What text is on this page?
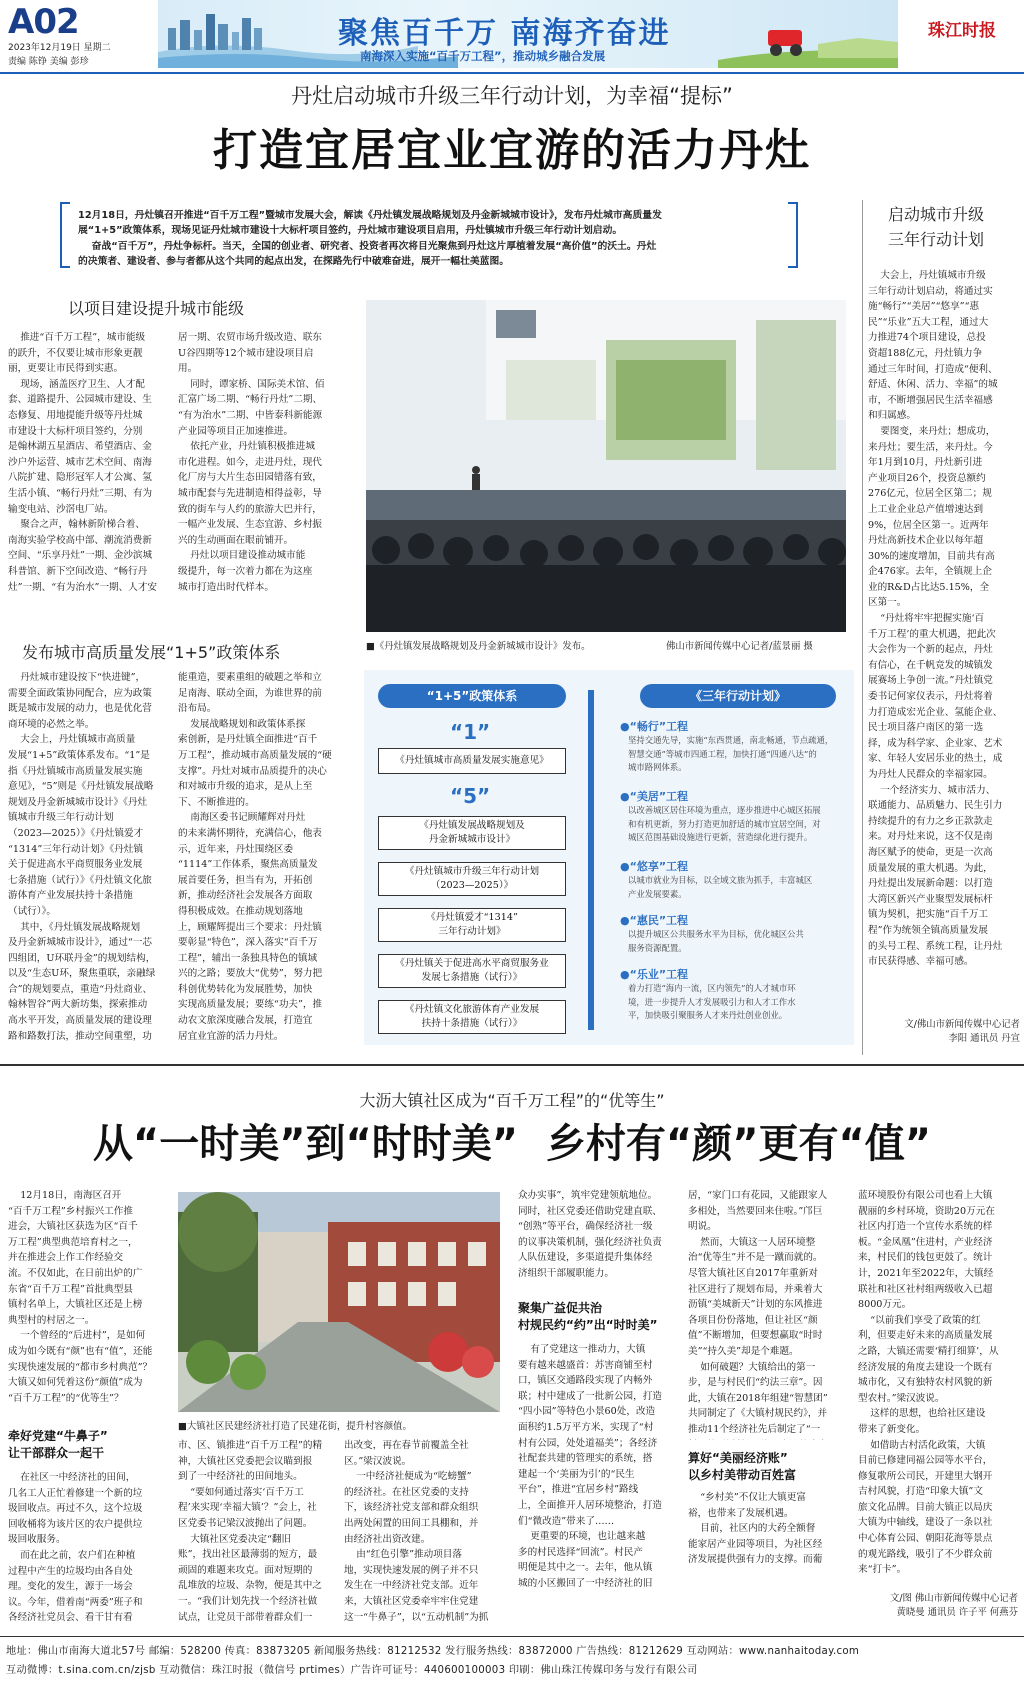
A02
2023年12月19日 星期二
责编 陈铮 美编 彭珍
聚焦百千万 南海齐奋进
南海深入实施“百千万工程”，推动城乡融合发展
珠江时报
丹灶启动城市升级三年行动计划，为幸福“提标”
打造宜居宜业宜游的活力丹灶
12月18日，丹灶镇召开推进“百千万工程”暨城市发展大会，解读《丹灶镇发展战略规划及丹金新城城市设计》，发布丹灶城市高质量发
展“1+5”政策体系，现场见证丹灶城市建设十大标杆项目签约，丹灶城市建设项目启用，丹灶镇城市升级三年行动计划启动。
奋战“百千万”，丹灶争标杆。当天，全国的创业者、研究者、投资者再次将目光聚焦到丹灶这片厚植着发展“高价值”的沃土。丹灶
的决策者、建设者、参与者都从这个共同的起点出发，在探路先行中破难奋进，展开一幅壮美蓝图。
以项目建设提升城市能级
推进“百千万工程”，城市能级
的跃升，不仅要让城市形象更靓
丽，更要让市民得到实惠。
现场，涵盖医疗卫生、人才配
套、道路提升、公园城市建设、生
态修复、用地提能升级等丹灶城
市建设十大标杆项目签约，分别
是翰林湖五星酒店、希望酒店、金
沙户外运营、城市艺术空间、南海
八院扩建、隐形冠军人才公寓、氢
生活小镇、“畅行丹灶”三期、有为
输变电站、沙滘电厂站。
聚合之声，翰林新阶梯合着、
南海实验学校高中部、潮流消费新
空间、“乐享丹灶”一期、金沙滨城
科普馆、新下空间改造、“畅行丹
灶”一期、“有为治水”一期、人才安
居一期、农贸市场升级改造、联东
U谷四期等12个城市建设项目启
用。
同时，谭家桥、国际美术馆、佰
汇富广场二期、“畅行丹灶”二期、
“有为治水”二期、中皆泰科新能源
产业园等项目正加速推进。
依托产业，丹灶镇积极推进城
市化进程。如今，走进丹灶，现代
化厂房与大片生态田园错落有致，
城市配套与先进制造相得益彰，导
致的街车与人约的旅游大巴并行，
一幅产业发展、生态宜游、乡村振
兴的生动画面在眼前铺开。
丹灶以项目建设推动城市能
级提升，每一次着力都在为这座
城市打造出时代样本。
■《丹灶镇发展战略规划及丹金新城城市设计》发布。	佛山市新闻传媒中心记者/蓝景丽 摄
发布城市高质量发展“1+5”政策体系
丹灶城市建设按下“快进键”，
需要全面政策协同配合，应为政策
既是城市发展的动力，也是优化营
商环境的必然之举。
大会上，丹灶镇城市高质量
发展“1+5”政策体系发布。“1”是
指《丹灶镇城市高质量发展实施
意见》，“5”则是《丹灶镇发展战略
规划及丹金新城城市设计》《丹灶
镇城市升级三年行动计划
（2023—2025）》《丹灶镇爱才
“1314”三年行动计划》《丹灶镇
关于促进高水平商贸服务业发展
七条措施（试行）》《丹灶镇文化旅
游体育产业发展扶持十条措施
（试行）》。
其中，《丹灶镇发展战略规划
及丹金新城城市设计》，通过“一芯
四组团，U环联丹金”的规划结构，
以及“生态U环，聚焦重联，亲融绿
合”的规划要点，重造“丹灶商业、
翰林智谷”两大新坊集，探索推动
高水平开发，高质量发展的建设理
路和路数打法，推动空间重塑，功
能重造，要素重组的破题之举和立
足南海、联动全面，为谁世界的前
沿布局。
发展战略规划和政策体系探
索创新，是丹灶镇全面推进“百千
万工程”，推动城市高质量发展的“硬
支撑”。丹灶对城市品质提升的决心
和对城市升级的追求，是从上至
下、不断推进的。
南海区委书记顾耀辉对丹灶
的未来满怀期待，充满信心，他表
示，近年来，丹灶围绕区委
“1114”工作体系，聚焦高质量发
展首要任务，担当有为，开拓创
新，推动经济社会发展各方面取
得积极成效。在推动规划落地
上，顾耀辉提出三个要求：丹灶镇
要彰显“特色”，深入落实“百千万
工程”，辅出一条独具特色的镇域
兴的之路；要放大“优势”，努力把
科创优势转化为发展胜势，加快
实现高质量发展；要练“功夫”，推
动农文旅深度融合发展，打造宜
居宜业宜游的活力丹灶。
“1+5”政策体系	《三年行动计划》
“1”
《丹灶镇城市高质量发展实施意见》
“5”
《丹灶镇发展战略规划及
丹金新城城市设计》
《丹灶镇城市升级三年行动计划
（2023—2025）》
《丹灶镇爱才“1314”
三年行动计划》
《丹灶镇关于促进高水平商贸服务业
发展七条措施（试行）》
《丹灶镇文化旅游体育产业发展
扶持十条措施（试行）》
●“畅行”工程
坚持交通先导，实施“东西贯通，南北畅通，节点疏通，
智慧交通”等城市四通工程，加快打通“四通八达”的
城市路网体系。
●“美居”工程
以改善城区居住环境为重点，逐步推进中心城区拓展
和有机更新，努力打造更加舒适的城市宜居空间，对
城区范围基础设施进行更新，营造绿化进行提升。
●“悠享”工程
以城市就业为目标，以全域文旅为抓手，丰富城区
产业发展要素。
●“惠民”工程
以提升城区公共服务水平为目标，优化城区公共
服务资源配置。
●“乐业”工程
着力打造“海内一流，区内领先”的人才城市环
境，进一步提升人才发展吸引力和人才工作水
平，加快吸引聚服务人才来丹灶创业创业。
启动城市升级
三年行动计划
大会上，丹灶镇城市升级
三年行动计划启动，将通过实
施“畅行”“美居”“悠享”“惠
民”“乐业”五大工程，通过大
力推进74个项目建设，总投
资超188亿元，丹灶镇力争
通过三年时间，打造成“便利、
舒适、休闲、活力、幸福”的城
市，不断增强居民生活幸福感
和归属感。
要图变，来丹灶；想成功，
来丹灶；要生活，来丹灶。今
年1月到10月，丹灶新引进
产业项目26个，投资总额约
276亿元，位居全区第二；规
上工业企业总产值增速达到
9%，位居全区第一。近两年
丹灶高新技术企业以每年超
30%的速度增加，目前共有高
企476家。去年，全镇规上企
业的R&D占比达5.15%，全
区第一。
“丹灶将牢牢把握实施‘百
千万工程’的重大机遇，把此次
大会作为一个新的起点，丹灶
有信心，在千帆竞发的城镇发
展赛场上争创一流。”丹灶镇党
委书记何家仪表示，丹灶将着
力打造成宏光企业、氢能企业、
民士项目落户南区的第一选
择，成为科学家、企业家、艺术
家、年轻人安居乐业的热土，成
为丹灶人民群众的幸福家园。
一个经济实力、城市活力、
联通能力、品质魅力、民生引力
持续提升的有力之乡正款款走
来。对丹灶来说，这不仅是南
海区赋予的使命，更是一次高
质量发展的重大机遇。为此，
丹灶提出发展新命题：以打造
大湾区新兴产业聚型发展标杆
镇为契机，把实施“百千万工
程”作为统领全镇高质量发展
的头号工程、系统工程，让丹灶
市民获得感、幸福可感。
文/佛山市新闻传媒中心记者
李阳 通讯员 丹宣
大沥大镇社区成为“百千万工程”的“优等生”
从“一时美”到“时时美”  乡村有“颜”更有“值”
12月18日，南海区召开
“百千万工程”乡村振兴工作推
进会，大镇社区获选为区“百千
万工程”典型典范培育村之一，
并在推进会上作工作经验交
流。不仅如此，在日前出炉的广
东省“百千万工程”首批典型县
镇村名单上，大镇社区还是上榜
典型村的村居之一。
一个曾经的“后进村”，是如何
成为如今既有“颜”也有“值”，还能
实现快速发展的“都市乡村典范”？
大镇又如何凭着这份“颜值”成为
“百千万工程”的“优等生”？
牵好党建“牛鼻子”
让干部群众一起干
在社区一中经济社的田间，
几名工人正忙着修建一个新的垃
圾回收点。再过不久，这个垃圾
回收桶将为该片区的农户提供垃
圾回收服务。
而在此之前，农户们在种植
过程中产生的垃圾均由各自处
理。变化的发生，源于一场会
议。今年，借着南“两委”班子和
各经济社党员会、看干甘有看
■大镇社区民建经济社打造了民建花街，提升村容颜值。
市、区、镇推进“百千万工程”的精
神，大镇社区党委把会议瞄到报
到了一中经济社的田间地头。
“要如何通过落实‘百千万工
程’来实现‘幸福大镇’？”会上，社
区党委书记梁汉波抛出了问题。
大镇社区党委决定“翻旧
账”，找出社区最薄弱的短方，最
顽固的难题来攻克。面对短期的
乱堆放的垃圾、杂物，便是其中之
一。“我们计划先找一个经济社做
试点，让党员干部带着群众们一
出改变，再在春节前覆盖全社
区。”梁汉波说。
一中经济社便成为“吃螃蟹”
的经济社。在社区党委的支持
下，该经济社党支部和群众组织
出两处闲置的田间工具棚和，并
由经济社出资改建。
由“红色引擎”推动项目落
地，实现快速发展的例子并不只
发生在一中经济社党支部。近年
来，大镇社区党委牵牢牢住党建
这一“牛鼻子”，以“五动机制”为抓
众办实事”，筑牢党建领航地位。
同时，社区党委还借助党建直联、
“创熟”等平台，确保经济社一级
的议事决策机制，强化经济社负责
人队伍建设，多渠道提升集体经
济组织干部履职能力。
聚集广益促共治
村规民约“约”出“时时美”
有了党建这一推动力，大镇
要有越来越盛首：苏害商铺至村
口，镇区交通路段实现了内畅外
联；村中建成了一批新公园，打造
“四小园”等特色小景60处，改造
面积约1.5万平方米，实现了“村
村有公园，处处道福美”；各经济
社配套共建的管理实的系统，搭
建起一个‘美丽为引’的“民生
平台”，推进“宜居乡村”路线
上，全面推开人居环境整治，打造
们“微改造”带来了……
更重要的环境，也让越来越
多的村民选择“回流”。村民产
明便是其中之一。去年，他从镇
城的小区搬回了一中经济社的旧
居，“家门口有花园，又能跟家人
多相处，当然要回来住啦。”邝巨
明说。
然而，大镇这一人居环境整
治“优等生”并不是一蹴而就的。
尽管大镇社区自2017年重新对
社区进行了规划布局，并乘着大
沥镇“美城新天”计划的东风推进
各项目份份落地，但让社区“颜
值”不断增加，但要想赢取“时时
美”“持久美”却是个难题。
如何破题？大镇给出的第一
步，是与村民们“约法三章”。因
此，大镇在2018年组建“智慧团”
共同制定了《大镇村规民约》，并
推动11个经济社先后制定了“一

算好“美丽经济账”
以乡村美带动百姓富
“乡村美”不仅让大镇更富
裕，也带来了发展机遇。
目前，社区内的大药全额督
能家居产业园等项目，为社区经
济发展提供强有力的支撑。而葡
蓝环境股份有限公司也看上大镇
靓丽的乡村环境，资助20万元在
社区内打造一个宣传水系统的样
板。“金凤凰”住进村，产业经济
来，村民们的钱包更鼓了。统计
计，2021年至2022年，大镇经
联社和社区社村组两级收入已超
8000万元。
“以前我们享受了政策的红
利，但要走好未来的高质量发展
之路，大镇还需要‘精打细算’，从
经济发展的角度去建设一个既有
城市化，又有独特农村风貌的新
型农村。”梁汉波说。
这样的思想，也给社区建设
带来了新变化。
如借助古村活化政策，大镇
目前已修建同福公园等水平台，
修复歌所公司民，开建里大钢开
吉村风貌，打造“印象大镇”文
旅文化品牌。目前大镇正以局庆
大镇为中轴线，建设了一条以社
中心体育公园、朝阳花海等景点
的观光路线，吸引了不少群众前
来“打卡”。
文/图 佛山市新闻传媒中心记者
黄晓曼 通讯员 许子平 何燕芬
地址：佛山市南海大道北57号 邮编：528200 传真：83873205 新闻服务热线：81212532 发行服务热线：83872000 广告热线：81212629 互动网站：www.nanhaitoday.com
互动微博：t.sina.com.cn/zjsb 互动微信：珠江时报（微信号 prtimes）广告许可证号：440600100003 印刷：佛山珠江传媒印务与发行有限公司
